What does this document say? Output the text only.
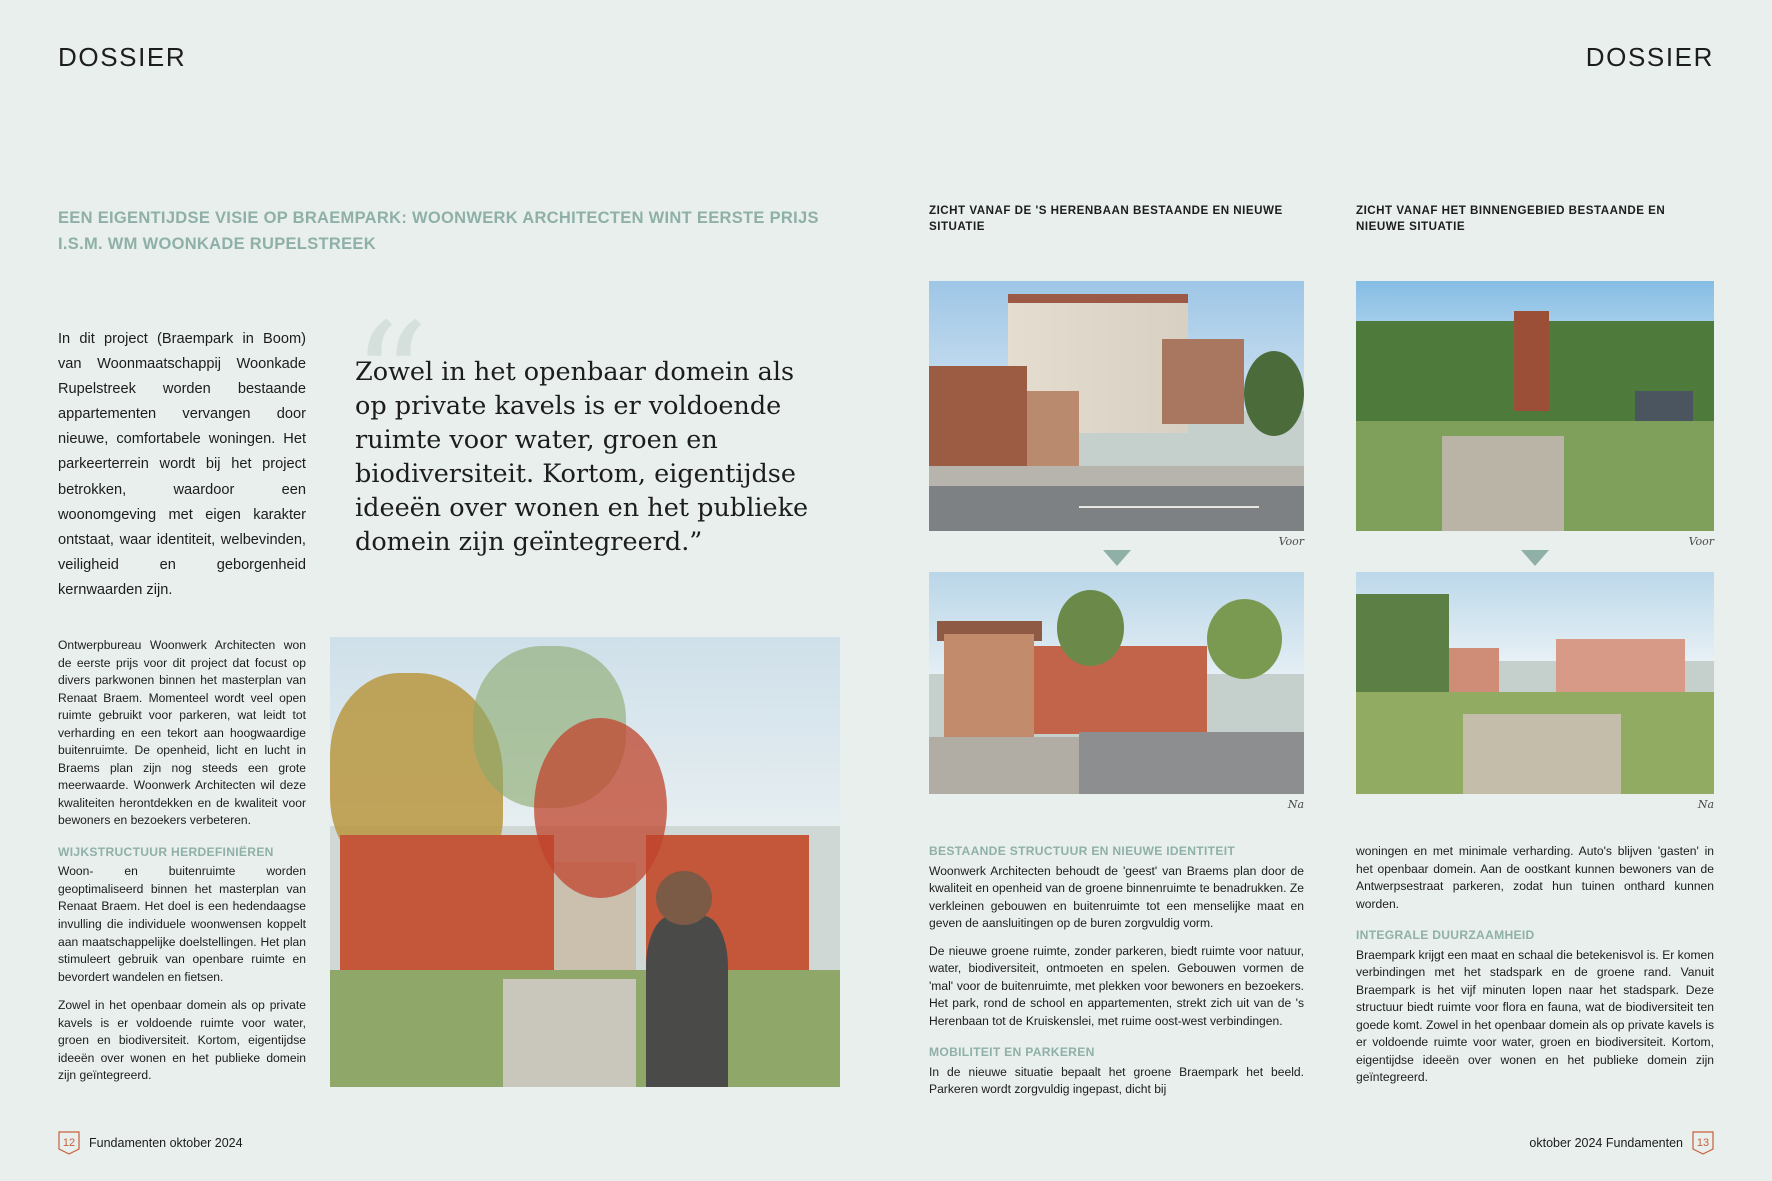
DOSSIER	DOSSIER
EEN EIGENTIJDSE VISIE OP BRAEMPARK: WOONWERK ARCHITECTEN WINT EERSTE PRIJS I.S.M. WM WOONKADE RUPELSTREEK
In dit project (Braempark in Boom) van Woonmaatschappij Woonkade Rupelstreek worden bestaande appartementen vervangen door nieuwe, comfortabele woningen. Het parkeerterrein wordt bij het project betrokken, waardoor een woonomgeving met eigen karakter ontstaat, waar identiteit, welbevinden, veiligheid en geborgenheid kernwaarden zijn.
“
Zowel in het openbaar domein als op private kavels is er voldoende ruimte voor water, groen en biodiversiteit. Kortom, eigentijdse ideeën over wonen en het publieke domein zijn geïntegreerd.”

Ontwerpbureau Woonwerk Architecten won de eerste prijs voor dit project dat focust op divers parkwonen binnen het masterplan van Renaat Braem. Momenteel wordt veel open ruimte gebruikt voor parkeren, wat leidt tot verharding en een tekort aan hoogwaardige buitenruimte. De openheid, licht en lucht in Braems plan zijn nog steeds een grote meerwaarde. Woonwerk Architecten wil deze kwaliteiten herontdekken en de kwaliteit voor bewoners en bezoekers verbeteren.

WIJKSTRUCTUUR HERDEFINIËREN

Woon- en buitenruimte worden geoptimaliseerd binnen het masterplan van Renaat Braem. Het doel is een hedendaagse invulling die individuele woonwensen koppelt aan maatschappelijke doelstellingen. Het plan stimuleert gebruik van openbare ruimte en bevordert wandelen en fietsen.

Zowel in het openbaar domein als op private kavels is er voldoende ruimte voor water, groen en biodiversiteit. Kortom, eigentijdse ideeën over wonen en het publieke domein zijn geïntegreerd.

ZICHT VANAF DE 'S HERENBAAN BESTAANDE EN NIEUWE SITUATIE
Voor
Na
BESTAANDE STRUCTUUR EN NIEUWE IDENTITEIT

Woonwerk Architecten behoudt de 'geest' van Braems plan door de kwaliteit en openheid van de groene binnenruimte te benadrukken. Ze verkleinen gebouwen en buitenruimte tot een menselijke maat en geven de aansluitingen op de buren zorgvuldig vorm.

De nieuwe groene ruimte, zonder parkeren, biedt ruimte voor natuur, water, biodiversiteit, ontmoeten en spelen. Gebouwen vormen de 'mal' voor de buitenruimte, met plekken voor bewoners en bezoekers. Het park, rond de school en appartementen, strekt zich uit van de 's Herenbaan tot de Kruiskenslei, met ruime oost-west verbindingen.

MOBILITEIT EN PARKEREN

In de nieuwe situatie bepaalt het groene Braempark het beeld. Parkeren wordt zorgvuldig ingepast, dicht bij

ZICHT VANAF HET BINNENGEBIED BESTAANDE EN NIEUWE SITUATIE
Voor
Na

woningen en met minimale verharding. Auto's blijven 'gasten' in het openbaar domein. Aan de oostkant kunnen bewoners van de Antwerpsestraat parkeren, zodat hun tuinen onthard kunnen worden.

INTEGRALE DUURZAAMHEID

Braempark krijgt een maat en schaal die betekenisvol is. Er komen verbindingen met het stadspark en de groene rand. Vanuit Braempark is het vijf minuten lopen naar het stadspark. Deze structuur biedt ruimte voor flora en fauna, wat de biodiversiteit ten goede komt. Zowel in het openbaar domein als op private kavels is er voldoende ruimte voor water, groen en biodiversiteit. Kortom, eigentijdse ideeën over wonen en het publieke domein zijn geïntegreerd.

12 Fundamenten oktober 2024	oktober 2024 Fundamenten 13
